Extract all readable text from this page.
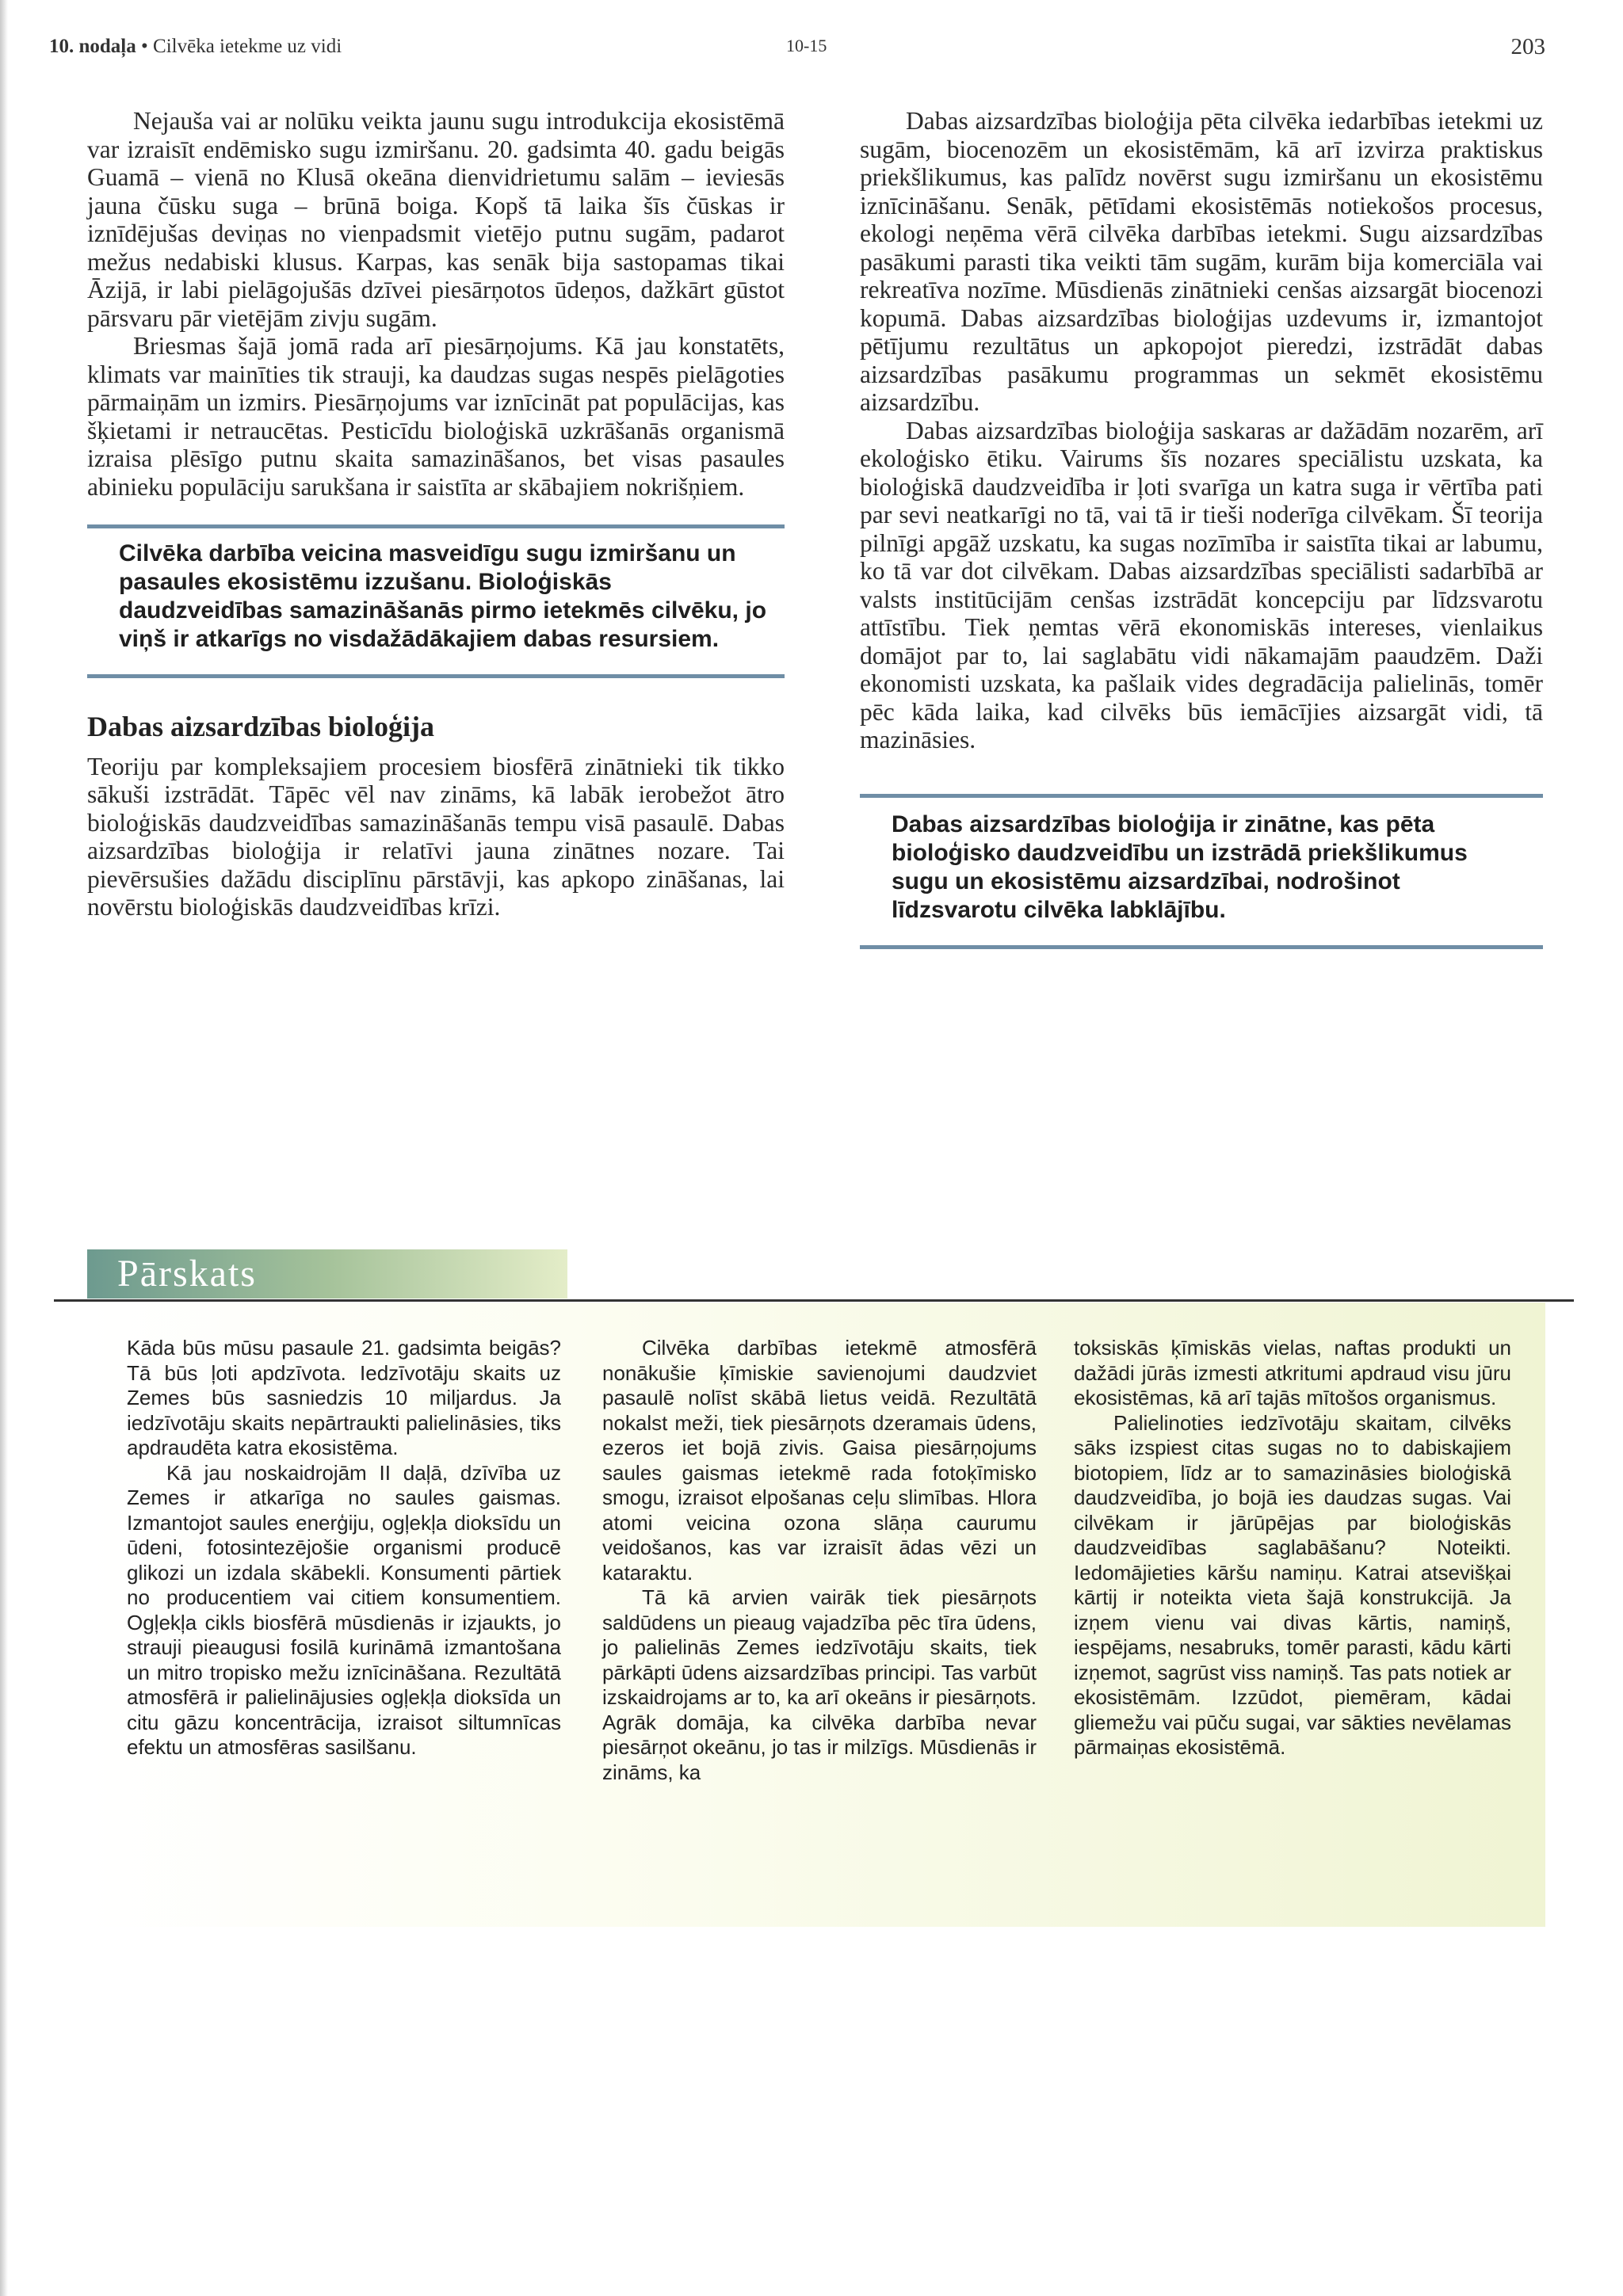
10. nodaļa • Cilvēka ietekme uz vidi	10-15	203

Nejauša vai ar nolūku veikta jaunu sugu introdukcija ekosistēmā var izraisīt endēmisko sugu izmiršanu. 20. gadsimta 40. gadu beigās Guamā – vienā no Klusā okeāna dienvidrietumu salām – ieviesās jauna čūsku suga – brūnā boiga. Kopš tā laika šīs čūskas ir iznīdējušas deviņas no vienpadsmit vietējo putnu sugām, padarot mežus nedabiski klusus. Karpas, kas senāk bija sastopamas tikai Āzijā, ir labi pielāgojušās dzīvei piesārņotos ūdeņos, dažkārt gūstot pārsvaru pār vietējām zivju sugām.

Briesmas šajā jomā rada arī piesārņojums. Kā jau konstatēts, klimats var mainīties tik strauji, ka daudzas sugas nespēs pielāgoties pārmaiņām un izmirs. Piesārņojums var iznīcināt pat populācijas, kas šķietami ir netraucētas. Pesticīdu bioloģiskā uzkrāšanās organismā izraisa plēsīgo putnu skaita samazināšanos, bet visas pasaules abinieku populāciju sarukšana ir saistīta ar skābajiem nokrišņiem.

Cilvēka darbība veicina masveidīgu sugu izmiršanu un pasaules ekosistēmu izzušanu. Bioloģiskās daudzveidības samazināšanās pirmo ietekmēs cilvēku, jo viņš ir atkarīgs no visdažādākajiem dabas resursiem.
Dabas aizsardzības bioloģija

Teoriju par kompleksajiem procesiem biosfērā zinātnieki tik tikko sākuši izstrādāt. Tāpēc vēl nav zināms, kā labāk ierobežot ātro bioloģiskās daudzveidības samazināšanās tempu visā pasaulē. Dabas aizsardzības bioloģija ir relatīvi jauna zinātnes nozare. Tai pievērsušies dažādu disciplīnu pārstāvji, kas apkopo zināšanas, lai novērstu bioloģiskās daudzveidības krīzi.

Dabas aizsardzības bioloģija pēta cilvēka iedarbības ietekmi uz sugām, biocenozēm un ekosistēmām, kā arī izvirza praktiskus priekšlikumus, kas palīdz novērst sugu izmiršanu un ekosistēmu iznīcināšanu. Senāk, pētīdami ekosistēmās notiekošos procesus, ekologi neņēma vērā cilvēka darbības ietekmi. Sugu aizsardzības pasākumi parasti tika veikti tām sugām, kurām bija komerciāla vai rekreatīva nozīme. Mūsdienās zinātnieki cenšas aizsargāt biocenozi kopumā. Dabas aizsardzības bioloģijas uzdevums ir, izmantojot pētījumu rezultātus un apkopojot pieredzi, izstrādāt dabas aizsardzības pasākumu programmas un sekmēt ekosistēmu aizsardzību.

Dabas aizsardzības bioloģija saskaras ar dažādām nozarēm, arī ekoloģisko ētiku. Vairums šīs nozares speciālistu uzskata, ka bioloģiskā daudzveidība ir ļoti svarīga un katra suga ir vērtība pati par sevi neatkarīgi no tā, vai tā ir tieši noderīga cilvēkam. Šī teorija pilnīgi apgāž uzskatu, ka sugas nozīmība ir saistīta tikai ar labumu, ko tā var dot cilvēkam. Dabas aizsardzības speciālisti sadarbībā ar valsts institūcijām cenšas izstrādāt koncepciju par līdzsvarotu attīstību. Tiek ņemtas vērā ekonomiskās intereses, vienlaikus domājot par to, lai saglabātu vidi nākamajām paaudzēm. Daži ekonomisti uzskata, ka pašlaik vides degradācija palielinās, tomēr pēc kāda laika, kad cilvēks būs iemācījies aizsargāt vidi, tā mazināsies.

Dabas aizsardzības bioloģija ir zinātne, kas pēta bioloģisko daudzveidību un izstrādā priekšlikumus sugu un ekosistēmu aizsardzībai, nodrošinot līdzsvarotu cilvēka labklājību.
Pārskats

Kāda būs mūsu pasaule 21. gadsimta beigās? Tā būs ļoti apdzīvota. Iedzīvotāju skaits uz Zemes būs sasniedzis 10 miljardus. Ja iedzīvotāju skaits nepārtraukti palielināsies, tiks apdraudēta katra ekosistēma.

Kā jau noskaidrojām II daļā, dzīvība uz Zemes ir atkarīga no saules gaismas. Izmantojot saules enerģiju, ogļekļa dioksīdu un ūdeni, fotosintezējošie organismi producē glikozi un izdala skābekli. Konsumenti pārtiek no producentiem vai citiem konsumentiem. Ogļekļa cikls biosfērā mūsdienās ir izjaukts, jo strauji pieaugusi fosilā kurināmā izmantošana un mitro tropisko mežu iznīcināšana. Rezultātā atmosfērā ir palielinājusies ogļekļa dioksīda un citu gāzu koncentrācija, izraisot siltumnīcas efektu un atmosfēras sasilšanu.

Cilvēka darbības ietekmē atmosfērā nonākušie ķīmiskie savienojumi daudzviet pasaulē nolīst skābā lietus veidā. Rezultātā nokalst meži, tiek piesārņots dzeramais ūdens, ezeros iet bojā zivis. Gaisa piesārņojums saules gaismas ietekmē rada fotoķīmisko smogu, izraisot elpošanas ceļu slimības. Hlora atomi veicina ozona slāņa caurumu veidošanos, kas var izraisīt ādas vēzi un kataraktu.

Tā kā arvien vairāk tiek piesārņots saldūdens un pieaug vajadzība pēc tīra ūdens, jo palielinās Zemes iedzīvotāju skaits, tiek pārkāpti ūdens aizsardzības principi. Tas varbūt izskaidrojams ar to, ka arī okeāns ir piesārņots. Agrāk domāja, ka cilvēka darbība nevar piesārņot okeānu, jo tas ir milzīgs. Mūsdienās ir zināms, ka

toksiskās ķīmiskās vielas, naftas produkti un dažādi jūrās izmesti atkritumi apdraud visu jūru ekosistēmas, kā arī tajās mītošos organismus.

Palielinoties iedzīvotāju skaitam, cilvēks sāks izspiest citas sugas no to dabiskajiem biotopiem, līdz ar to samazināsies bioloģiskā daudzveidība, jo bojā ies daudzas sugas. Vai cilvēkam ir jārūpējas par bioloģiskās daudzveidības saglabāšanu? Noteikti. Iedomājieties kāršu namiņu. Katrai atsevišķai kārtij ir noteikta vieta šajā konstrukcijā. Ja izņem vienu vai divas kārtis, namiņš, iespējams, nesabruks, tomēr parasti, kādu kārti izņemot, sagrūst viss namiņš. Tas pats notiek ar ekosistēmām. Izzūdot, piemēram, kādai gliemežu vai pūču sugai, var sākties nevēlamas pārmaiņas ekosistēmā.
